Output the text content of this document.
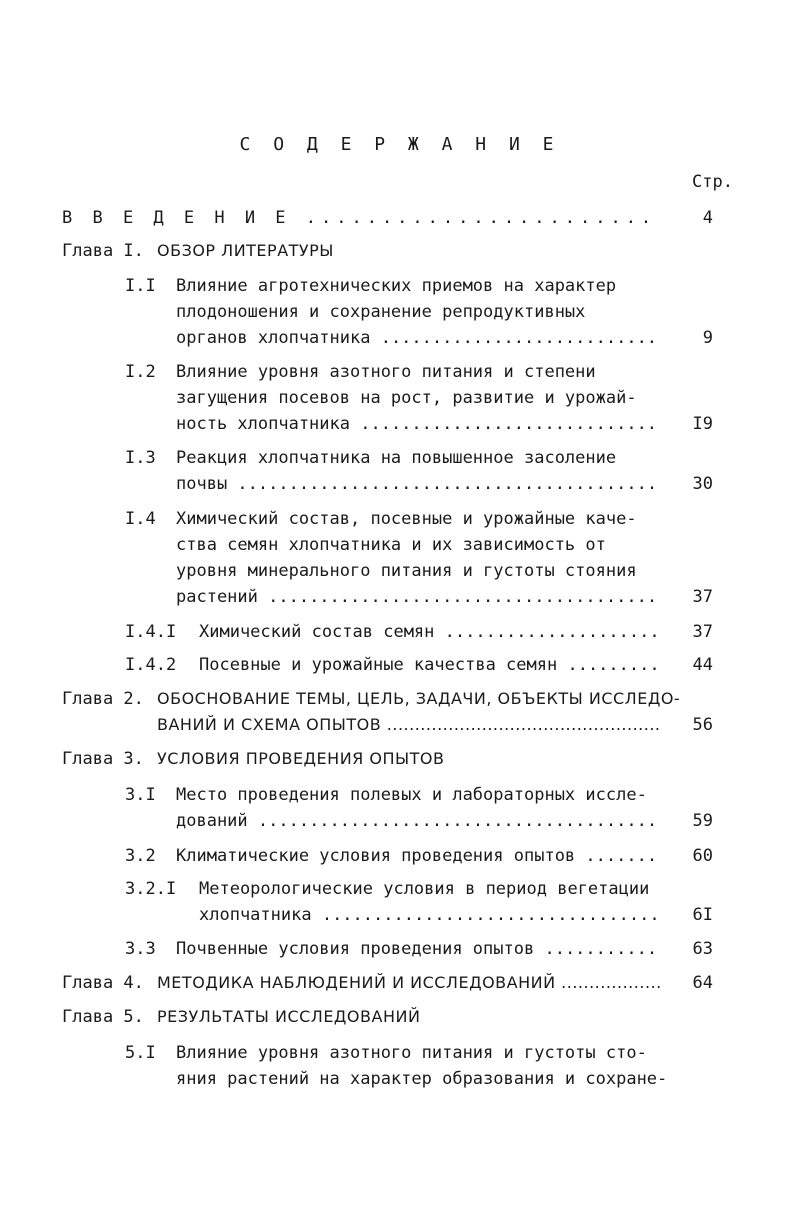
С О Д Е Р Ж А Н И Е
Стр.
В В Е Д Е Н И Е .....	4
Глава I. ОБЗОР ЛИТЕРАТУРЫ
I.I Влияние агротехнических приемов на характер
плодоношения и сохранение репродуктивных
органов хлопчатника .....	9
I.2 Влияние уровня азотного питания и степени
загущения посевов на рост, развитие и урожай-
ность хлопчатника .....	I9
I.3 Реакция хлопчатника на повышенное засоление
почвы .....	30
I.4 Химический состав, посевные и урожайные каче-
ства семян хлопчатника и их зависимость от
уровня минерального питания и густоты стояния
растений .....	37
I.4.I Химический состав семян .....	37
I.4.2 Посевные и урожайные качества семян .....	44
Глава 2. ОБОСНОВАНИЕ ТЕМЫ, ЦЕЛЬ, ЗАДАЧИ, ОБЪЕКТЫ ИССЛЕДО-
ВАНИЙ И СХЕМА ОПЫТОВ .....	56
Глава 3. УСЛОВИЯ ПРОВЕДЕНИЯ ОПЫТОВ
3.I Место проведения полевых и лабораторных иссле-
дований .....	59
3.2 Климатические условия проведения опытов .....	60
3.2.I Метеорологические условия в период вегетации
хлопчатника .....	6I
3.3 Почвенные условия проведения опытов .....	63
Глава 4. МЕТОДИКА НАБЛЮДЕНИЙ И ИССЛЕДОВАНИЙ .....	64
Глава 5. РЕЗУЛЬТАТЫ ИССЛЕДОВАНИЙ
5.I Влияние уровня азотного питания и густоты сто-
яния растений на характер образования и сохране-
